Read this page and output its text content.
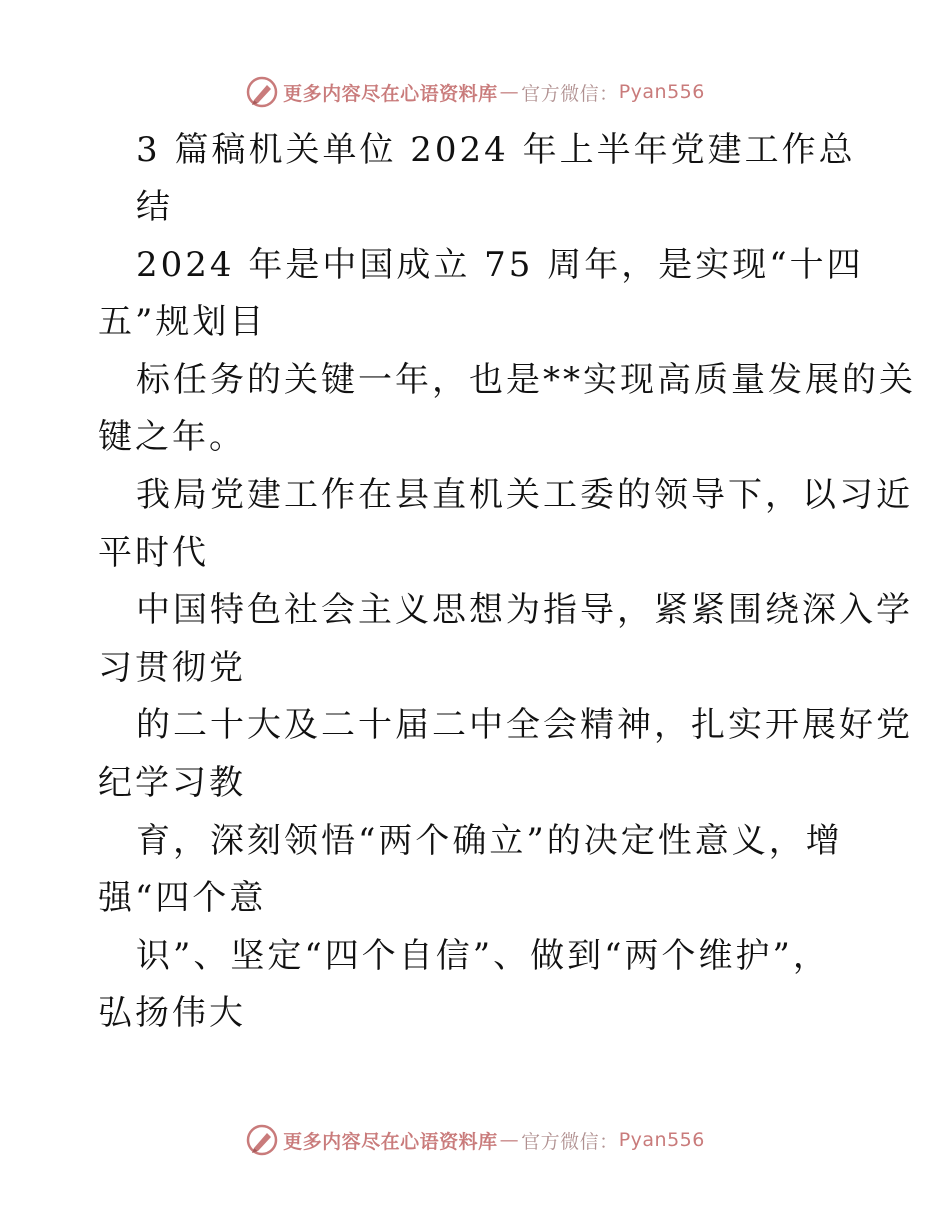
更多内容尽在心语资料库 — 官方微信： Pyan556
3 篇稿机关单位 2024 年上半年党建工作总
结
2024 年是中国成立 75 周年，是实现“十四
五”规划目
标任务的关键一年，也是**实现高质量发展的关
键之年。
我局党建工作在县直机关工委的领导下，以习近
平时代
中国特色社会主义思想为指导，紧紧围绕深入学
习贯彻党
的二十大及二十届二中全会精神，扎实开展好党
纪学习教
育，深刻领悟“两个确立”的决定性意义，增
强“四个意
识”、坚定“四个自信”、做到“两个维护”，
弘扬伟大
更多内容尽在心语资料库 — 官方微信： Pyan556
